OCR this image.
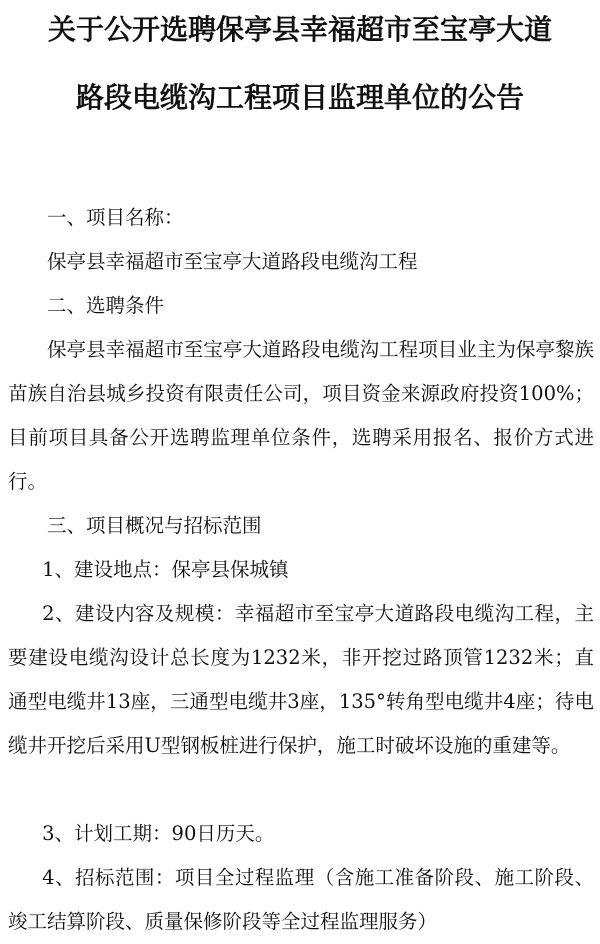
关于公开选聘保亭县幸福超市至宝亭大道
路段电缆沟工程项目监理单位的公告

一、项目名称：

保亭县幸福超市至宝亭大道路段电缆沟工程

二、选聘条件

保亭县幸福超市至宝亭大道路段电缆沟工程项目业主为保亭黎族苗族自治县城乡投资有限责任公司，项目资金来源政府投资100%；目前项目具备公开选聘监理单位条件，选聘采用报名、报价方式进行。

三、项目概况与招标范围

1、建设地点：保亭县保城镇

2、建设内容及规模：幸福超市至宝亭大道路段电缆沟工程，主要建设电缆沟设计总长度为1232米，非开挖过路顶管1232米；直通型电缆井13座，三通型电缆井3座，135°转角型电缆井4座；待电缆井开挖后采用U型钢板桩进行保护，施工时破坏设施的重建等。

3、计划工期：90日历天。

4、招标范围：项目全过程监理（含施工准备阶段、施工阶段、竣工结算阶段、质量保修阶段等全过程监理服务）
